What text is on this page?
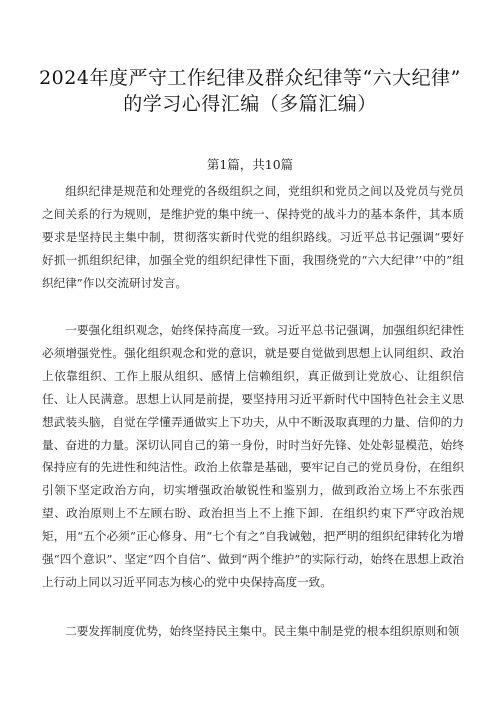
2024年度严守工作纪律及群众纪律等“六大纪律”
的学习心得汇编（多篇汇编）
第1篇，共10篇

组织纪律是规范和处理党的各级组织之间，党组织和党员之间以及党员与党员之间关系的行为规则，是维护党的集中统一、保持党的战斗力的基本条件，其本质要求是坚持民主集中制，贯彻落实新时代党的组织路线。习近平总书记强调“要好好抓一抓组织纪律，加强全党的组织纪律性下面，我围绕党的“六大纪律’’中的”组织纪律”作以交流研讨发言。

一要强化组织观念，始终保持高度一致。习近平总书记强调，加强组织纪律性必须增强党性。强化组织观念和党的意识，就是要自觉做到思想上认同组织、政治上依靠组织、工作上服从组织、感情上信赖组织，真正做到让党放心、让组织信任、让人民满意。思想上认同是前提，要坚持用习近平新时代中国特色社会主义思想武装头脑，自觉在学懂弄通做实上下功夫，从中不断汲取真理的力量、信仰的力量、奋进的力量。深切认同自己的第一身份，时时当好先锋、处处彰显模范，始终保持应有的先进性和纯洁性。政治上依靠是基础，要牢记自己的党员身份，在组织引领下坚定政治方向，切实增强政治敏锐性和鉴别力，做到政治立场上不东张西望、政治原则上不左顾右盼、政治担当上不上推下卸．在组织约束下严守政治规矩，用“五个必须”正心修身、用“七个有之”自我诫勉，把严明的组织纪律转化为增强“四个意识”、坚定“四个自信”、做到“两个维护”的实际行动，始终在思想上政治上行动上同以习近平同志为核心的党中央保持高度一致。

二要发挥制度优势，始终坚持民主集中。民主集中制是党的根本组织原则和领
